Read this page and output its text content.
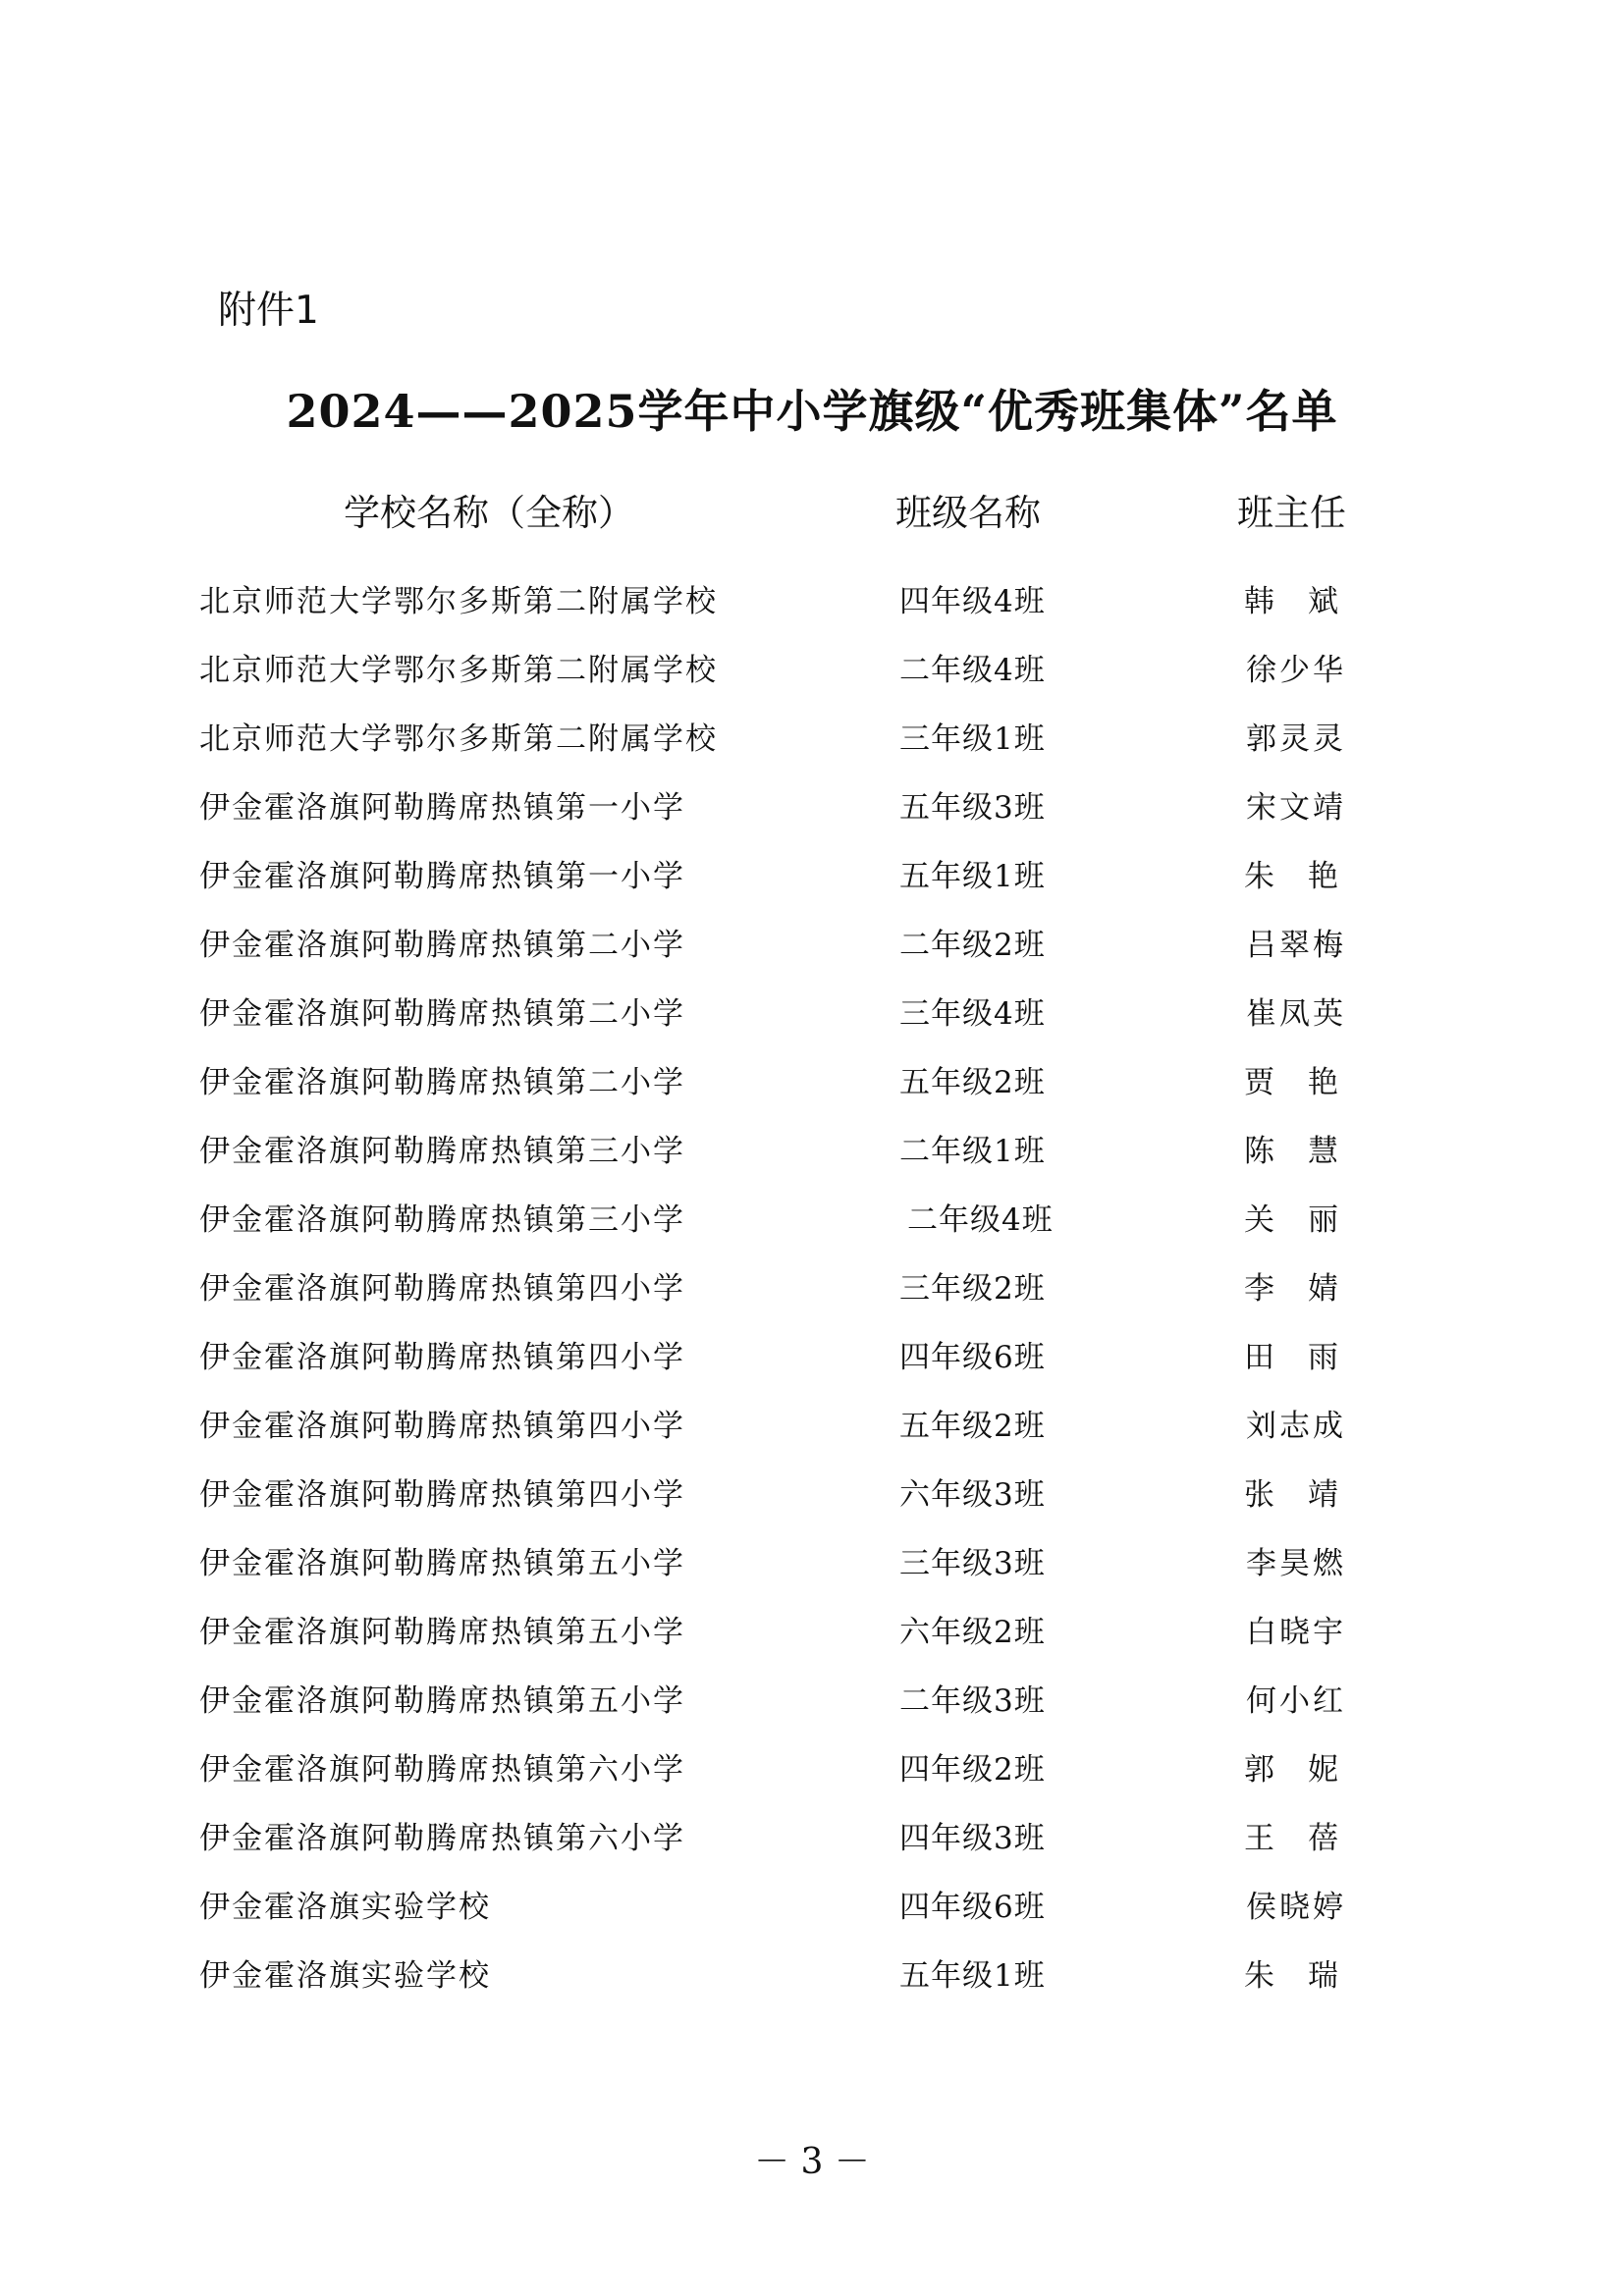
附件1
2024——2025学年中小学旗级“优秀班集体”名单
学校名称（全称）	班级名称	班主任
北京师范大学鄂尔多斯第二附属学校	四年级4班	韩斌
北京师范大学鄂尔多斯第二附属学校	二年级4班	徐少华
北京师范大学鄂尔多斯第二附属学校	三年级1班	郭灵灵
伊金霍洛旗阿勒腾席热镇第一小学	五年级3班	宋文靖
伊金霍洛旗阿勒腾席热镇第一小学	五年级1班	朱艳
伊金霍洛旗阿勒腾席热镇第二小学	二年级2班	吕翠梅
伊金霍洛旗阿勒腾席热镇第二小学	三年级4班	崔凤英
伊金霍洛旗阿勒腾席热镇第二小学	五年级2班	贾艳
伊金霍洛旗阿勒腾席热镇第三小学	二年级1班	陈慧
伊金霍洛旗阿勒腾席热镇第三小学	二年级4班	关丽
伊金霍洛旗阿勒腾席热镇第四小学	三年级2班	李婧
伊金霍洛旗阿勒腾席热镇第四小学	四年级6班	田雨
伊金霍洛旗阿勒腾席热镇第四小学	五年级2班	刘志成
伊金霍洛旗阿勒腾席热镇第四小学	六年级3班	张靖
伊金霍洛旗阿勒腾席热镇第五小学	三年级3班	李昊燃
伊金霍洛旗阿勒腾席热镇第五小学	六年级2班	白晓宇
伊金霍洛旗阿勒腾席热镇第五小学	二年级3班	何小红
伊金霍洛旗阿勒腾席热镇第六小学	四年级2班	郭妮
伊金霍洛旗阿勒腾席热镇第六小学	四年级3班	王蓓
伊金霍洛旗实验学校	四年级6班	侯晓婷
伊金霍洛旗实验学校	五年级1班	朱瑞
－ 3 －
